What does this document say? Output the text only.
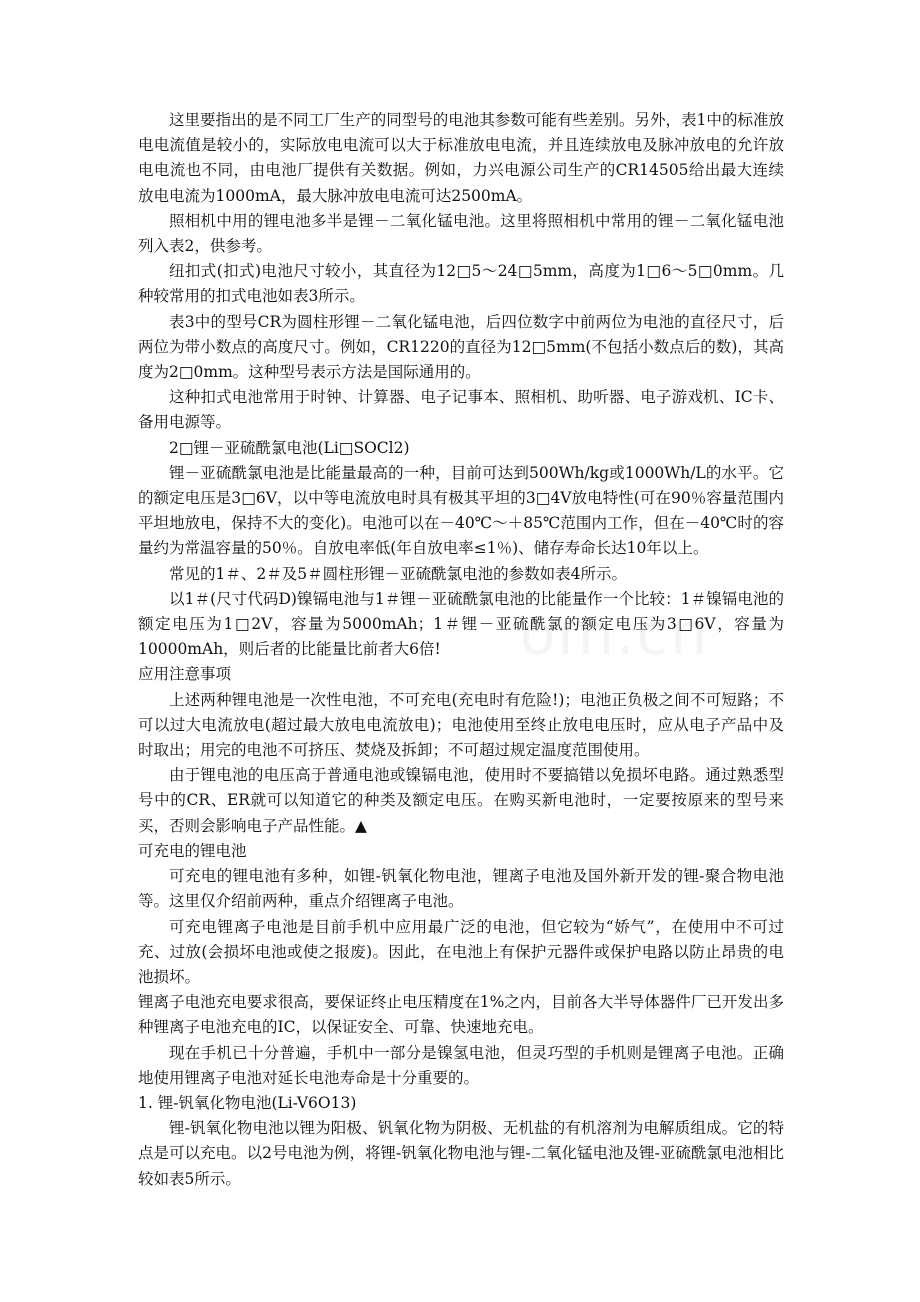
om.cn

这里要指出的是不同工厂生产的同型号的电池其参数可能有些差别。另外，表1中的标准放电电流值是较小的，实际放电电流可以大于标准放电电流，并且连续放电及脉冲放电的允许放电电流也不同，由电池厂提供有关数据。例如，力兴电源公司生产的CR14505给出最大连续放电电流为1000mA，最大脉冲放电电流可达2500mA。

照相机中用的锂电池多半是锂－二氧化锰电池。这里将照相机中常用的锂－二氧化锰电池列入表2，供参考。

纽扣式(扣式)电池尺寸较小，其直径为12□5～24□5mm，高度为1□6～5□0mm。几种较常用的扣式电池如表3所示。

表3中的型号CR为圆柱形锂－二氧化锰电池，后四位数字中前两位为电池的直径尺寸，后两位为带小数点的高度尺寸。例如，CR1220的直径为12□5mm(不包括小数点后的数)，其高度为2□0mm。这种型号表示方法是国际通用的。

这种扣式电池常用于时钟、计算器、电子记事本、照相机、助听器、电子游戏机、IC卡、备用电源等。

2□锂－亚硫酰氯电池(Li□SOCl2)

锂－亚硫酰氯电池是比能量最高的一种，目前可达到500Wh/kg或1000Wh/L的水平。它的额定电压是3□6V，以中等电流放电时具有极其平坦的3□4V放电特性(可在90％容量范围内平坦地放电，保持不大的变化)。电池可以在－40℃～＋85℃范围内工作，但在－40℃时的容量约为常温容量的50％。自放电率低(年自放电率≤1％)、储存寿命长达10年以上。

常见的1＃、2＃及5＃圆柱形锂－亚硫酰氯电池的参数如表4所示。

以1＃(尺寸代码D)镍镉电池与1＃锂－亚硫酰氯电池的比能量作一个比较：1＃镍镉电池的额定电压为1□2V，容量为5000mAh；1＃锂－亚硫酰氯的额定电压为3□6V，容量为10000mAh，则后者的比能量比前者大6倍!

应用注意事项

上述两种锂电池是一次性电池，不可充电(充电时有危险!)；电池正负极之间不可短路；不可以过大电流放电(超过最大放电电流放电)；电池使用至终止放电电压时，应从电子产品中及时取出；用完的电池不可挤压、焚烧及拆卸；不可超过规定温度范围使用。

由于锂电池的电压高于普通电池或镍镉电池，使用时不要搞错以免损坏电路。通过熟悉型号中的CR、ER就可以知道它的种类及额定电压。在购买新电池时，一定要按原来的型号来买，否则会影响电子产品性能。▲

可充电的锂电池

可充电的锂电池有多种，如锂-钒氧化物电池，锂离子电池及国外新开发的锂-聚合物电池等。这里仅介绍前两种，重点介绍锂离子电池。

可充电锂离子电池是目前手机中应用最广泛的电池，但它较为“娇气”，在使用中不可过充、过放(会损坏电池或使之报废)。因此，在电池上有保护元器件或保护电路以防止昂贵的电池损坏。

锂离子电池充电要求很高，要保证终止电压精度在1%之内，目前各大半导体器件厂已开发出多种锂离子电池充电的IC，以保证安全、可靠、快速地充电。

现在手机已十分普遍，手机中一部分是镍氢电池，但灵巧型的手机则是锂离子电池。正确地使用锂离子电池对延长电池寿命是十分重要的。

1. 锂-钒氧化物电池(Li-V6O13)

锂-钒氧化物电池以锂为阳极、钒氧化物为阴极、无机盐的有机溶剂为电解质组成。它的特点是可以充电。以2号电池为例，将锂-钒氧化物电池与锂-二氧化锰电池及锂-亚硫酰氯电池相比较如表5所示。
